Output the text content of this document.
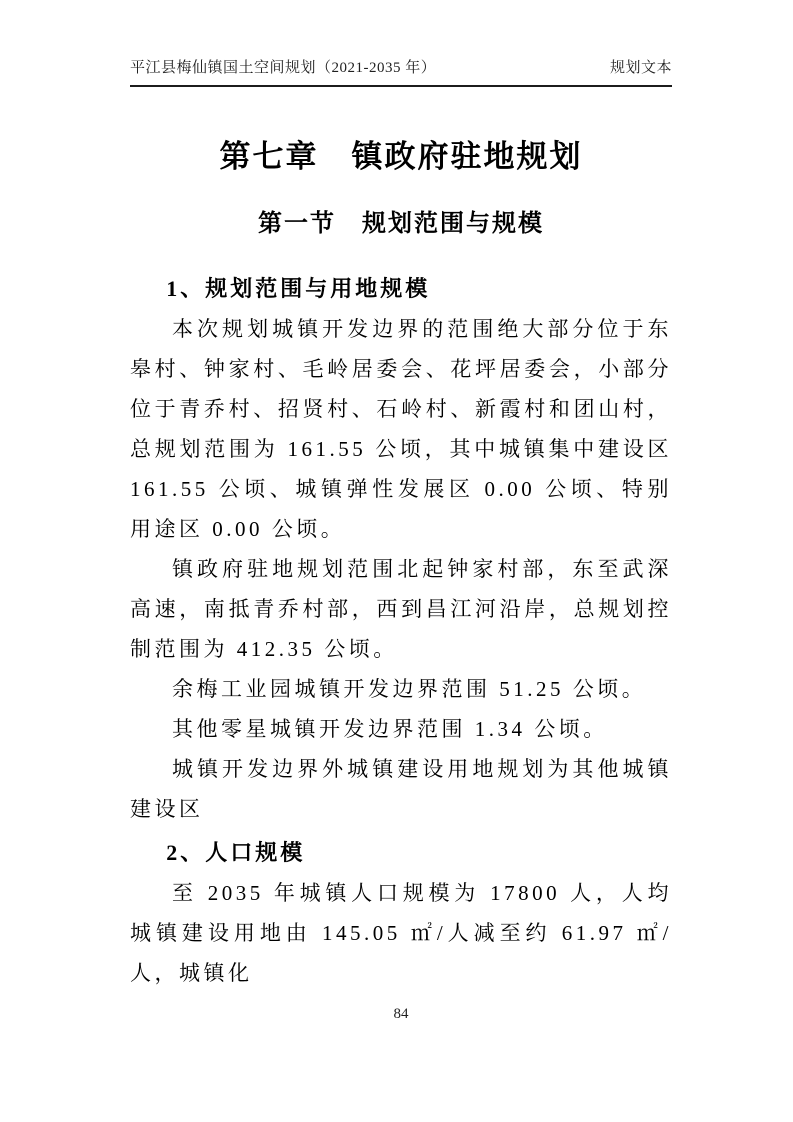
平江县梅仙镇国土空间规划（2021-2035 年）	规划文本
第七章　镇政府驻地规划
第一节　规划范围与规模
1、规划范围与用地规模

本次规划城镇开发边界的范围绝大部分位于东皋村、钟家村、毛岭居委会、花坪居委会，小部分位于青乔村、招贤村、石岭村、新霞村和团山村，总规划范围为 161.55 公顷，其中城镇集中建设区 161.55 公顷、城镇弹性发展区 0.00 公顷、特别用途区 0.00 公顷。

镇政府驻地规划范围北起钟家村部，东至武深高速，南抵青乔村部，西到昌江河沿岸，总规划控制范围为 412.35 公顷。

余梅工业园城镇开发边界范围 51.25 公顷。

其他零星城镇开发边界范围 1.34 公顷。

城镇开发边界外城镇建设用地规划为其他城镇建设区

2、人口规模

至 2035 年城镇人口规模为 17800 人，人均城镇建设用地由 145.05 ㎡/人减至约 61.97 ㎡/人，城镇化

84
